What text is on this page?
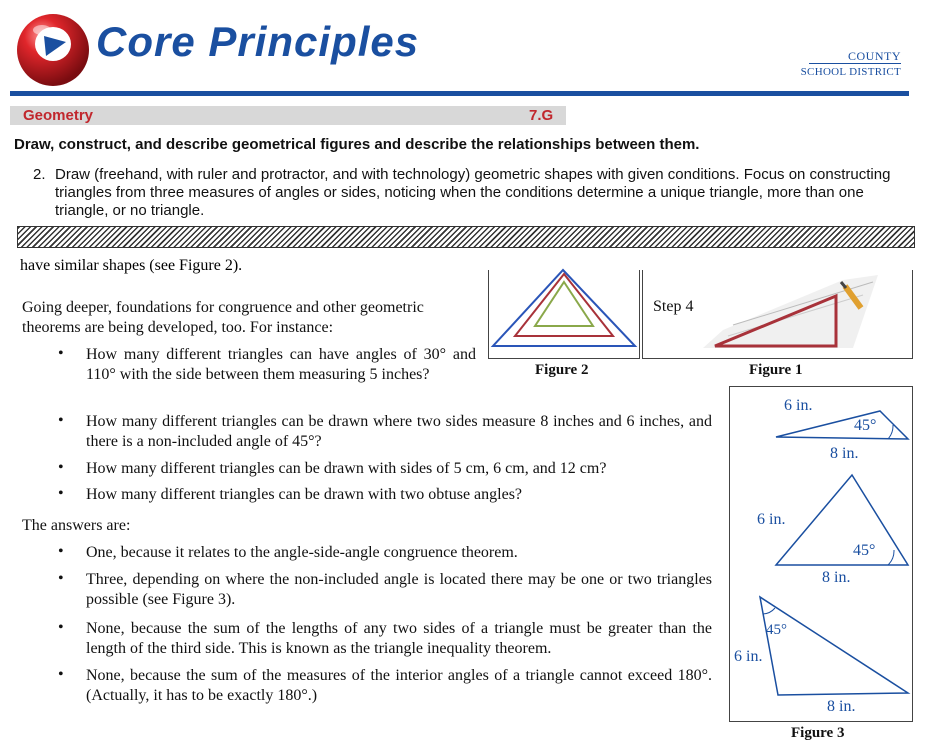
Core Principles	COUNTY
SCHOOL DISTRICT
Geometry	7.G
Draw, construct, and describe geometrical figures and describe the relationships between them.
2. Draw (freehand, with ruler and protractor, and with technology) geometric shapes with given conditions. Focus on constructing triangles from three measures of angles or sides, noticing when the conditions determine a unique triangle, more than one triangle, or no triangle.
have similar shapes (see Figure 2).
Going deeper, foundations for congruence and other geometric theorems are being developed, too. For instance:
• How many different triangles can have angles of 30° and 110° with the side between them measuring 5 inches?
• How many different triangles can be drawn where two sides measure 8 inches and 6 inches, and there is a non-included angle of 45°?
• How many different triangles can be drawn with sides of 5 cm, 6 cm, and 12 cm?
• How many different triangles can be drawn with two obtuse angles?
The answers are:
• One, because it relates to the angle-side-angle congruence theorem.
• Three, depending on where the non-included angle is located there may be one or two triangles possible (see Figure 3).
• None, because the sum of the lengths of any two sides of a triangle must be greater than the length of the third side. This is known as the triangle inequality theorem.
• None, because the sum of the measures of the interior angles of a triangle cannot exceed 180°. (Actually, it has to be exactly 180°.)
Figure 2
Step 4
Figure 1
6 in.
45°
8 in.
6 in.
45°
8 in.
45°
6 in.
8 in.
Figure 3
